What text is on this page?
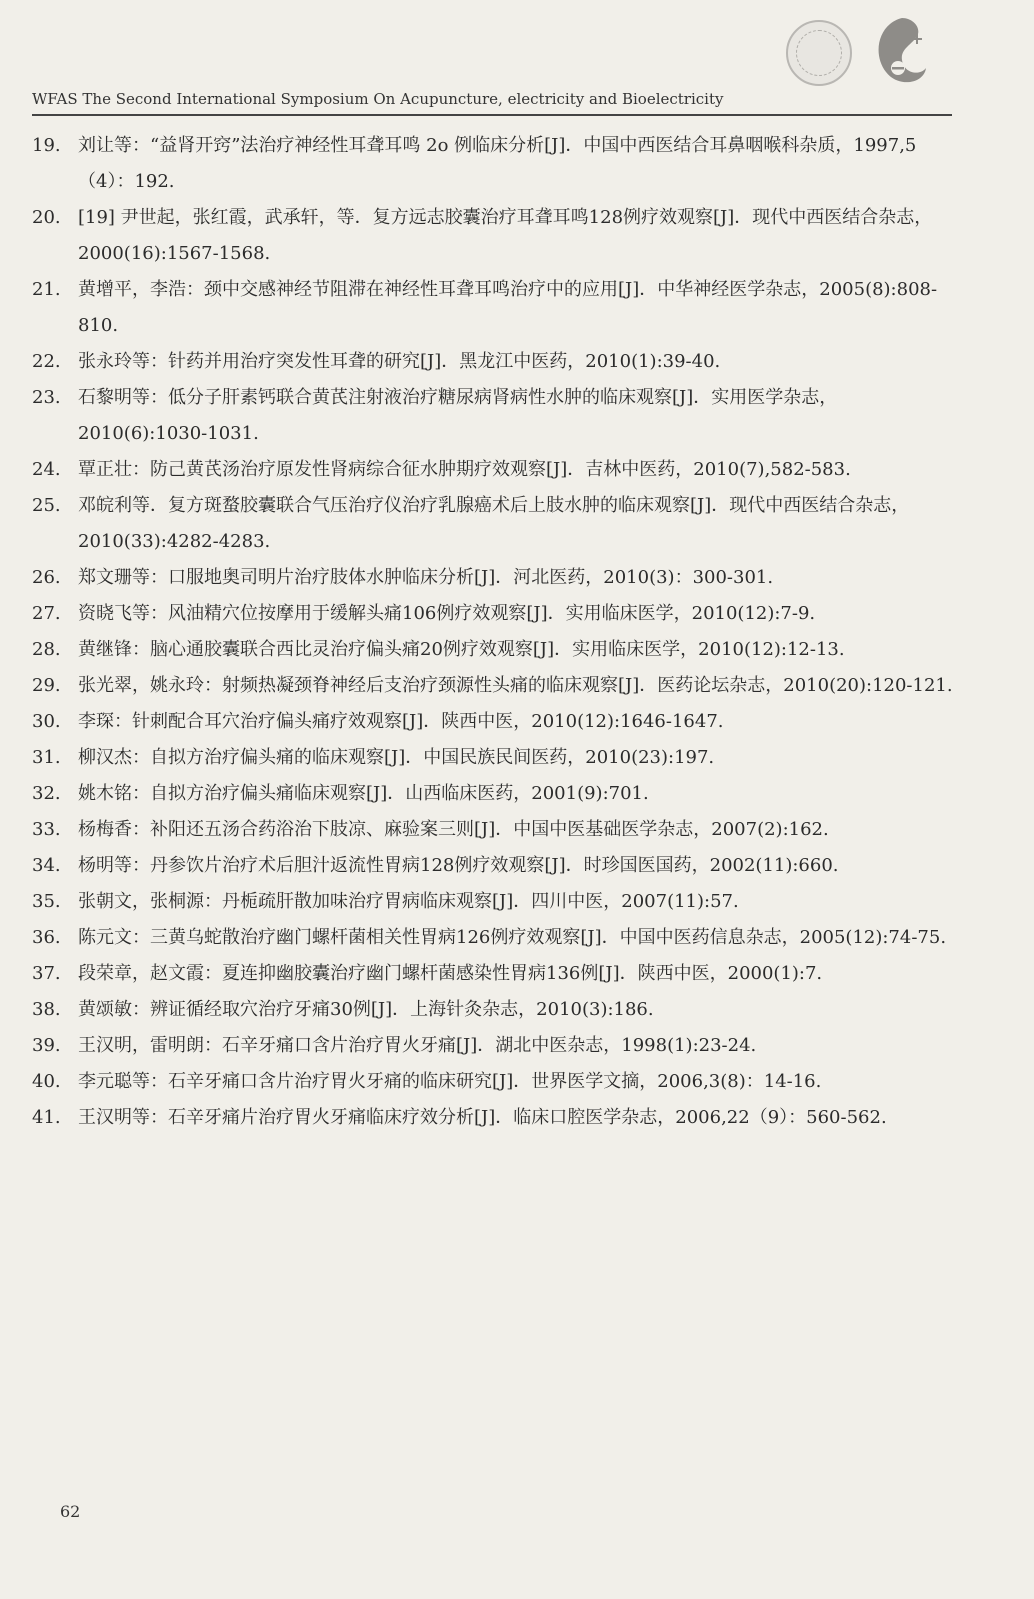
WFAS The Second International Symposium On Acupuncture, electricity and Bioelectricity
19. 刘让等：“益肾开窍”法治疗神经性耳聋耳鸣 2o 例临床分析[J]．中国中西医结合耳鼻咽喉科杂质，1997,5（4）：192.
20. [19] 尹世起，张红霞，武承轩，等．复方远志胶囊治疗耳聋耳鸣128例疗效观察[J]．现代中西医结合杂志，2000(16):1567-1568.
21. 黄增平，李浩：颈中交感神经节阻滞在神经性耳聋耳鸣治疗中的应用[J]．中华神经医学杂志，2005(8):808-810.
22. 张永玲等：针药并用治疗突发性耳聋的研究[J]．黑龙江中医药，2010(1):39-40.
23. 石黎明等：低分子肝素钙联合黄芪注射液治疗糖尿病肾病性水肿的临床观察[J]．实用医学杂志，2010(6):1030-1031.
24. 覃正壮：防己黄芪汤治疗原发性肾病综合征水肿期疗效观察[J]．吉林中医药，2010(7),582-583.
25. 邓皖利等．复方斑蝥胶囊联合气压治疗仪治疗乳腺癌术后上肢水肿的临床观察[J]．现代中西医结合杂志，2010(33):4282-4283.
26. 郑文珊等：口服地奥司明片治疗肢体水肿临床分析[J]．河北医药，2010(3)：300-301.
27. 资晓飞等：风油精穴位按摩用于缓解头痛106例疗效观察[J]．实用临床医学，2010(12):7-9.
28. 黄继锋：脑心通胶囊联合西比灵治疗偏头痛20例疗效观察[J]．实用临床医学，2010(12):12-13.
29. 张光翠，姚永玲：射频热凝颈脊神经后支治疗颈源性头痛的临床观察[J]．医药论坛杂志，2010(20):120-121.
30. 李琛：针刺配合耳穴治疗偏头痛疗效观察[J]．陕西中医，2010(12):1646-1647.
31. 柳汉杰：自拟方治疗偏头痛的临床观察[J]．中国民族民间医药，2010(23):197.
32. 姚木铭：自拟方治疗偏头痛临床观察[J]．山西临床医药，2001(9):701.
33. 杨梅香：补阳还五汤合药浴治下肢凉、麻验案三则[J]．中国中医基础医学杂志，2007(2):162.
34. 杨明等：丹参饮片治疗术后胆汁返流性胃病128例疗效观察[J]．时珍国医国药，2002(11):660.
35. 张朝文，张桐源：丹栀疏肝散加味治疗胃病临床观察[J]．四川中医，2007(11):57.
36. 陈元文：三黄乌蛇散治疗幽门螺杆菌相关性胃病126例疗效观察[J]．中国中医药信息杂志，2005(12):74-75.
37. 段荣章，赵文霞：夏连抑幽胶囊治疗幽门螺杆菌感染性胃病136例[J]．陕西中医，2000(1):7.
38. 黄颂敏：辨证循经取穴治疗牙痛30例[J]．上海针灸杂志，2010(3):186.
39. 王汉明，雷明朗：石辛牙痛口含片治疗胃火牙痛[J]．湖北中医杂志，1998(1):23-24.
40. 李元聪等：石辛牙痛口含片治疗胃火牙痛的临床研究[J]．世界医学文摘，2006,3(8)：14-16.
41. 王汉明等：石辛牙痛片治疗胃火牙痛临床疗效分析[J]．临床口腔医学杂志，2006,22（9）：560-562.
62
